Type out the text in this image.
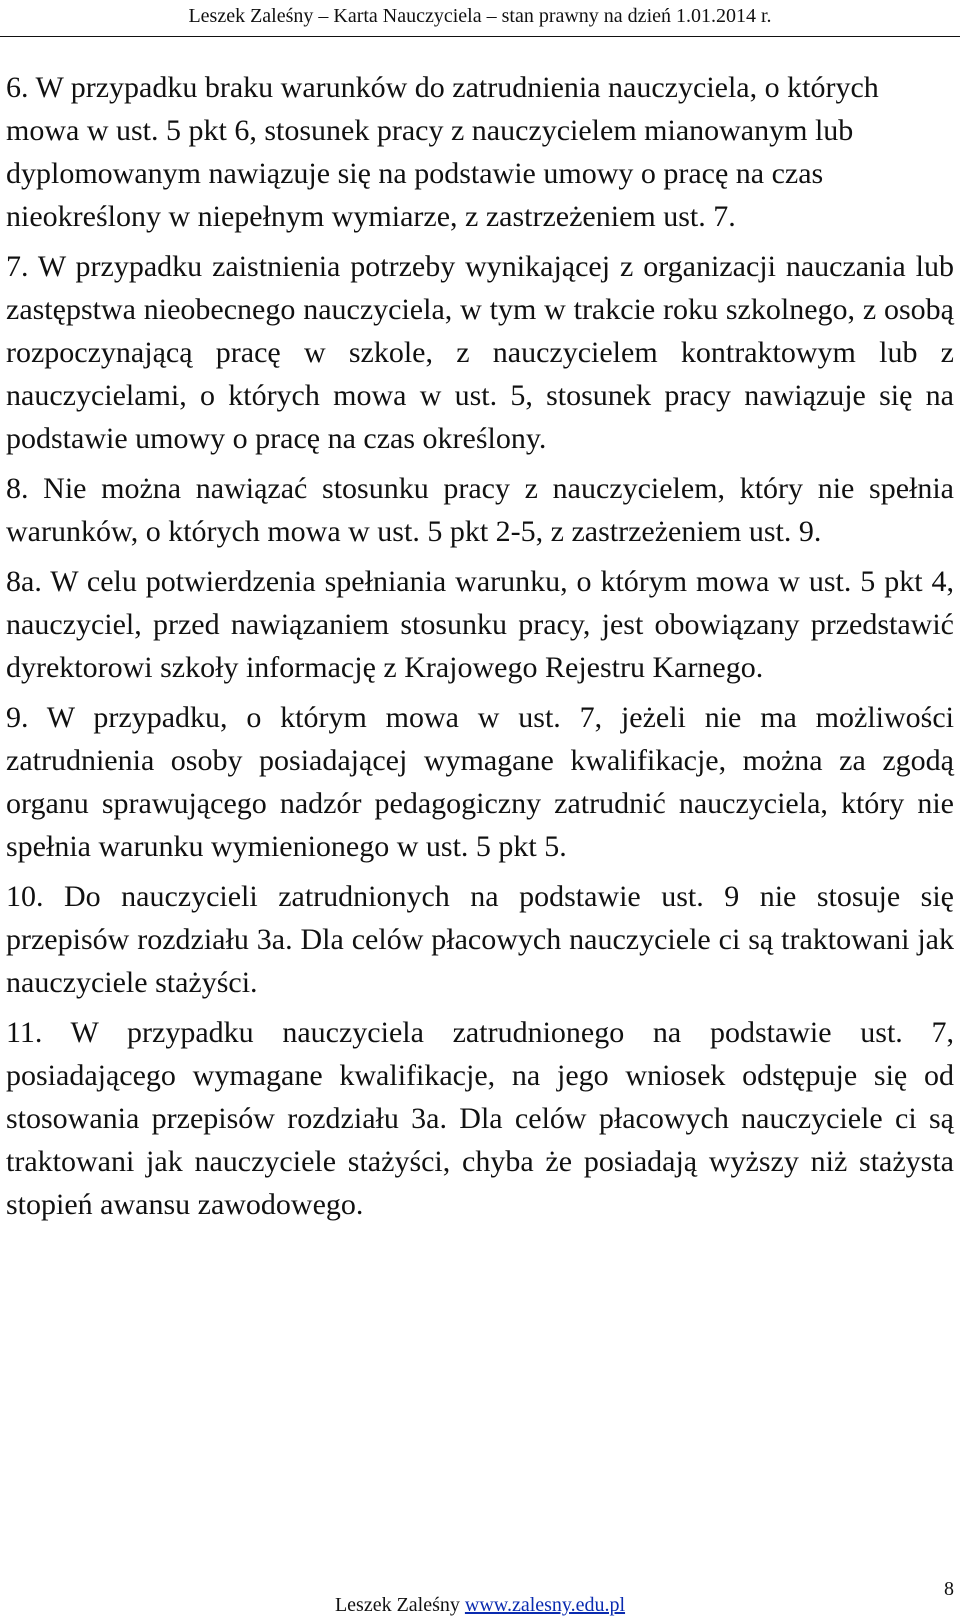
Leszek Zaleśny – Karta Nauczyciela – stan prawny na dzień 1.01.2014 r.

6. W przypadku braku warunków do zatrudnienia nauczyciela, o których mowa w ust. 5 pkt 6, stosunek pracy z nauczycielem mianowanym lub dyplomowanym nawiązuje się na podstawie umowy o pracę na czas nieokreślony w niepełnym wymiarze, z zastrzeżeniem ust. 7.

7. W przypadku zaistnienia potrzeby wynikającej z organizacji nauczania lub zastępstwa nieobecnego nauczyciela, w tym w trakcie roku szkolnego, z osobą rozpoczynającą pracę w szkole, z nauczycielem kontraktowym lub z nauczycielami, o których mowa w ust. 5, stosunek pracy nawiązuje się na podstawie umowy o pracę na czas określony.

8. Nie można nawiązać stosunku pracy z nauczycielem, który nie spełnia warunków, o których mowa w ust. 5 pkt 2-5, z zastrzeżeniem ust. 9.

8a. W celu potwierdzenia spełniania warunku, o którym mowa w ust. 5 pkt 4, nauczyciel, przed nawiązaniem stosunku pracy, jest obowiązany przedstawić dyrektorowi szkoły informację z Krajowego Rejestru Karnego.

9. W przypadku, o którym mowa w ust. 7, jeżeli nie ma możliwości zatrudnienia osoby posiadającej wymagane kwalifikacje, można za zgodą organu sprawującego nadzór pedagogiczny zatrudnić nauczyciela, który nie spełnia warunku wymienionego w ust. 5 pkt 5.

10. Do nauczycieli zatrudnionych na podstawie ust. 9 nie stosuje się przepisów rozdziału 3a. Dla celów płacowych nauczyciele ci są traktowani jak nauczyciele stażyści.

11. W przypadku nauczyciela zatrudnionego na podstawie ust. 7, posiadającego wymagane kwalifikacje, na jego wniosek odstępuje się od stosowania przepisów rozdziału 3a. Dla celów płacowych nauczyciele ci są traktowani jak nauczyciele stażyści, chyba że posiadają wyższy niż stażysta stopień awansu zawodowego.

8
Leszek Zaleśny www.zalesny.edu.pl
